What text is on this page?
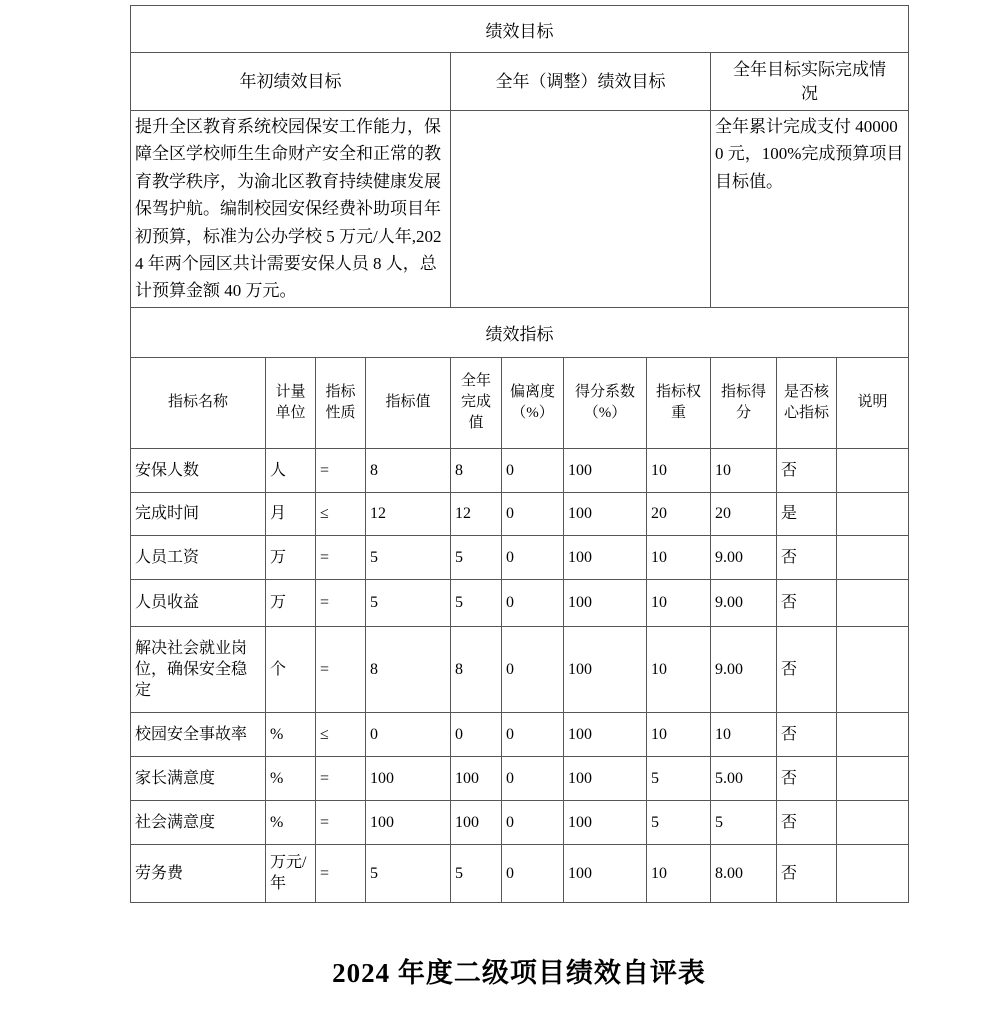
绩效目标										
年初绩效目标				全年（调整）绩效目标				全年目标实际完成情况		
提升全区教育系统校园保安工作能力，保障全区学校师生生命财产安全和正常的教育教学秩序，为渝北区教育持续健康发展保驾护航。编制校园安保经费补助项目年初预算，标准为公办学校 5 万元/人年,2024 年两个园区共计需要安保人员 8 人，总计预算金额 40 万元。								全年累计完成支付 400000 元，100%完成预算项目目标值。		
绩效指标										
指标名称	计量单位	指标性质	指标值	全年完成值	偏离度（%）	得分系数（%）	指标权重	指标得分	是否核心指标	说明
安保人数	人	=	8	8	0	100	10	10	否	
完成时间	月	≤	12	12	0	100	20	20	是	
人员工资	万	=	5	5	0	100	10	9.00	否	
人员收益	万	=	5	5	0	100	10	9.00	否	
解决社会就业岗位，确保安全稳定	个	=	8	8	0	100	10	9.00	否	
校园安全事故率	%	≤	0	0	0	100	10	10	否	
家长满意度	%	=	100	100	0	100	5	5.00	否	
社会满意度	%	=	100	100	0	100	5	5	否	
劳务费	万元/年	=	5	5	0	100	10	8.00	否	
2024 年度二级项目绩效自评表
